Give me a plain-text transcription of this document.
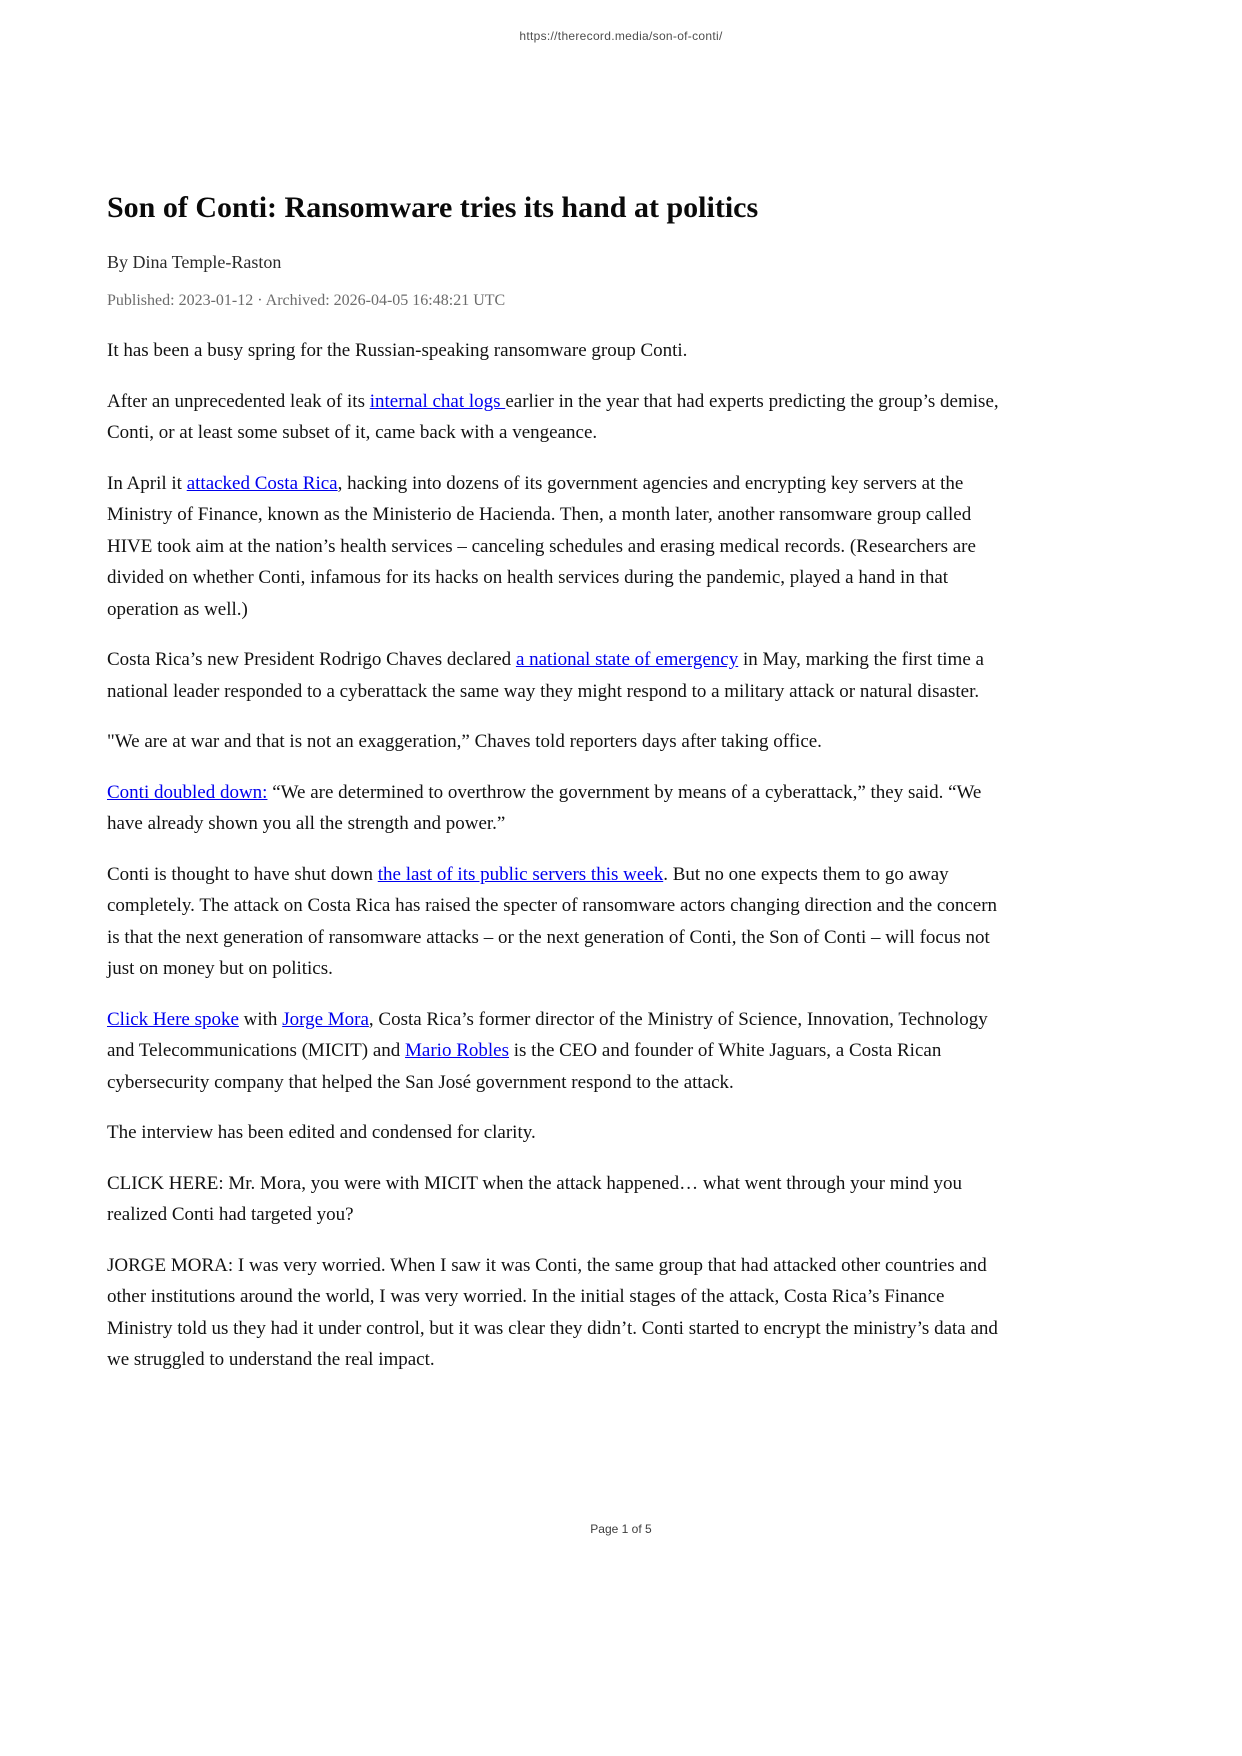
https://therecord.media/son-of-conti/
Son of Conti: Ransomware tries its hand at politics
By Dina Temple-Raston
Published: 2023-01-12 · Archived: 2026-04-05 16:48:21 UTC

It has been a busy spring for the Russian-speaking ransomware group Conti.

After an unprecedented leak of its internal chat logs earlier in the year that had experts predicting the group’s demise, Conti, or at least some subset of it, came back with a vengeance.

In April it attacked Costa Rica, hacking into dozens of its government agencies and encrypting key servers at the Ministry of Finance, known as the Ministerio de Hacienda. Then, a month later, another ransomware group called HIVE took aim at the nation’s health services – canceling schedules and erasing medical records. (Researchers are divided on whether Conti, infamous for its hacks on health services during the pandemic, played a hand in that operation as well.)

Costa Rica’s new President Rodrigo Chaves declared a national state of emergency in May, marking the first time a national leader responded to a cyberattack the same way they might respond to a military attack or natural disaster.

"We are at war and that is not an exaggeration,” Chaves told reporters days after taking office.

Conti doubled down: “We are determined to overthrow the government by means of a cyberattack,” they said. “We have already shown you all the strength and power.”

Conti is thought to have shut down the last of its public servers this week. But no one expects them to go away completely. The attack on Costa Rica has raised the specter of ransomware actors changing direction and the concern is that the next generation of ransomware attacks – or the next generation of Conti, the Son of Conti – will focus not just on money but on politics.

Click Here spoke with Jorge Mora, Costa Rica’s former director of the Ministry of Science, Innovation, Technology and Telecommunications (MICIT) and Mario Robles is the CEO and founder of White Jaguars, a Costa Rican cybersecurity company that helped the San José government respond to the attack.

The interview has been edited and condensed for clarity.

CLICK HERE: Mr. Mora, you were with MICIT when the attack happened… what went through your mind you realized Conti had targeted you?

JORGE MORA: I was very worried. When I saw it was Conti, the same group that had attacked other countries and other institutions around the world, I was very worried. In the initial stages of the attack, Costa Rica’s Finance Ministry told us they had it under control, but it was clear they didn’t. Conti started to encrypt the ministry’s data and we struggled to understand the real impact.

Page 1 of 5
